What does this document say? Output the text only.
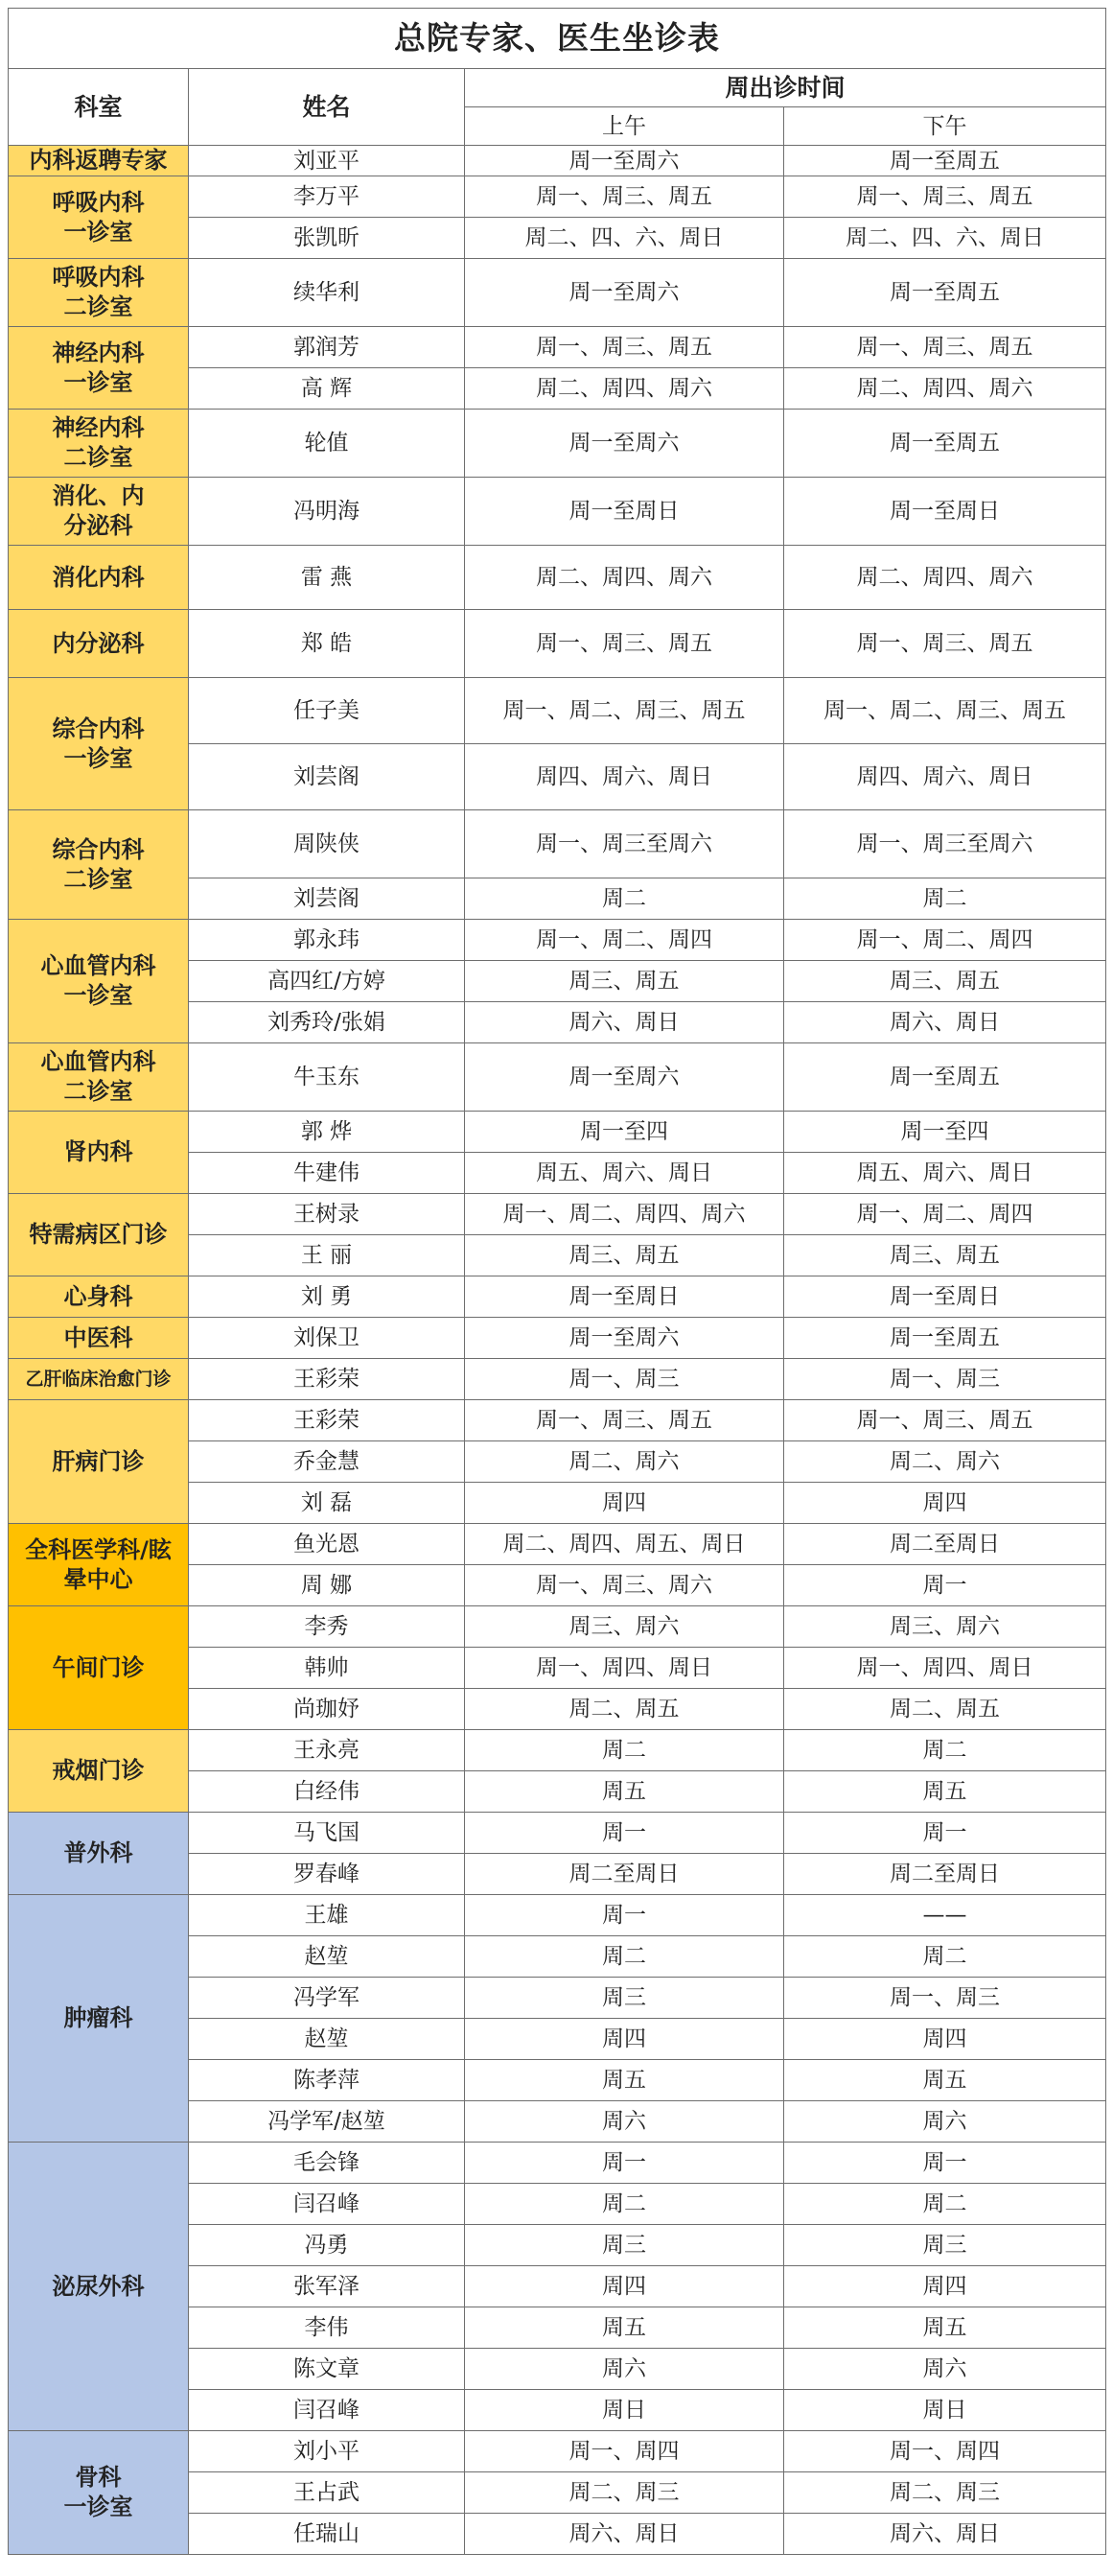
总院专家、医生坐诊表			
科室	姓名	周出诊时间	
		上午	下午
内科返聘专家	刘亚平	周一至周六	周一至周五
呼吸内科
一诊室	李万平	周一、周三、周五	周一、周三、周五
	张凯昕	周二、四、六、周日	周二、四、六、周日
呼吸内科
二诊室	续华利	周一至周六	周一至周五
神经内科
一诊室	郭润芳	周一、周三、周五	周一、周三、周五
	高 辉	周二、周四、周六	周二、周四、周六
神经内科
二诊室	轮值	周一至周六	周一至周五
消化、内
分泌科	冯明海	周一至周日	周一至周日
消化内科	雷 燕	周二、周四、周六	周二、周四、周六
内分泌科	郑 皓	周一、周三、周五	周一、周三、周五
综合内科
一诊室	任子美	周一、周二、周三、周五	周一、周二、周三、周五
	刘芸阁	周四、周六、周日	周四、周六、周日
综合内科
二诊室	周陕侠	周一、周三至周六	周一、周三至周六
	刘芸阁	周二	周二
心血管内科
一诊室	郭永玮	周一、周二、周四	周一、周二、周四
	高四红/方婷	周三、周五	周三、周五
	刘秀玲/张娟	周六、周日	周六、周日
心血管内科
二诊室	牛玉东	周一至周六	周一至周五
肾内科	郭 烨	周一至四	周一至四
	牛建伟	周五、周六、周日	周五、周六、周日
特需病区门诊	王树录	周一、周二、周四、周六	周一、周二、周四
	王 丽	周三、周五	周三、周五
心身科	刘 勇	周一至周日	周一至周日
中医科	刘保卫	周一至周六	周一至周五
乙肝临床治愈门诊	王彩荣	周一、周三	周一、周三
肝病门诊	王彩荣	周一、周三、周五	周一、周三、周五
	乔金慧	周二、周六	周二、周六
	刘 磊	周四	周四
全科医学科/眩
晕中心	鱼光恩	周二、周四、周五、周日	周二至周日
	周 娜	周一、周三、周六	周一
午间门诊	李秀	周三、周六	周三、周六
	韩帅	周一、周四、周日	周一、周四、周日
	尚珈妤	周二、周五	周二、周五
戒烟门诊	王永亮	周二	周二
	白经伟	周五	周五
普外科	马飞国	周一	周一
	罗春峰	周二至周日	周二至周日
肿瘤科	王雄	周一	——
	赵堃	周二	周二
	冯学军	周三	周一、周三
	赵堃	周四	周四
	陈孝萍	周五	周五
	冯学军/赵堃	周六	周六
泌尿外科	毛会锋	周一	周一
	闫召峰	周二	周二
	冯勇	周三	周三
	张军泽	周四	周四
	李伟	周五	周五
	陈文章	周六	周六
	闫召峰	周日	周日
骨科
一诊室	刘小平	周一、周四	周一、周四
	王占武	周二、周三	周二、周三
	任瑞山	周六、周日	周六、周日
